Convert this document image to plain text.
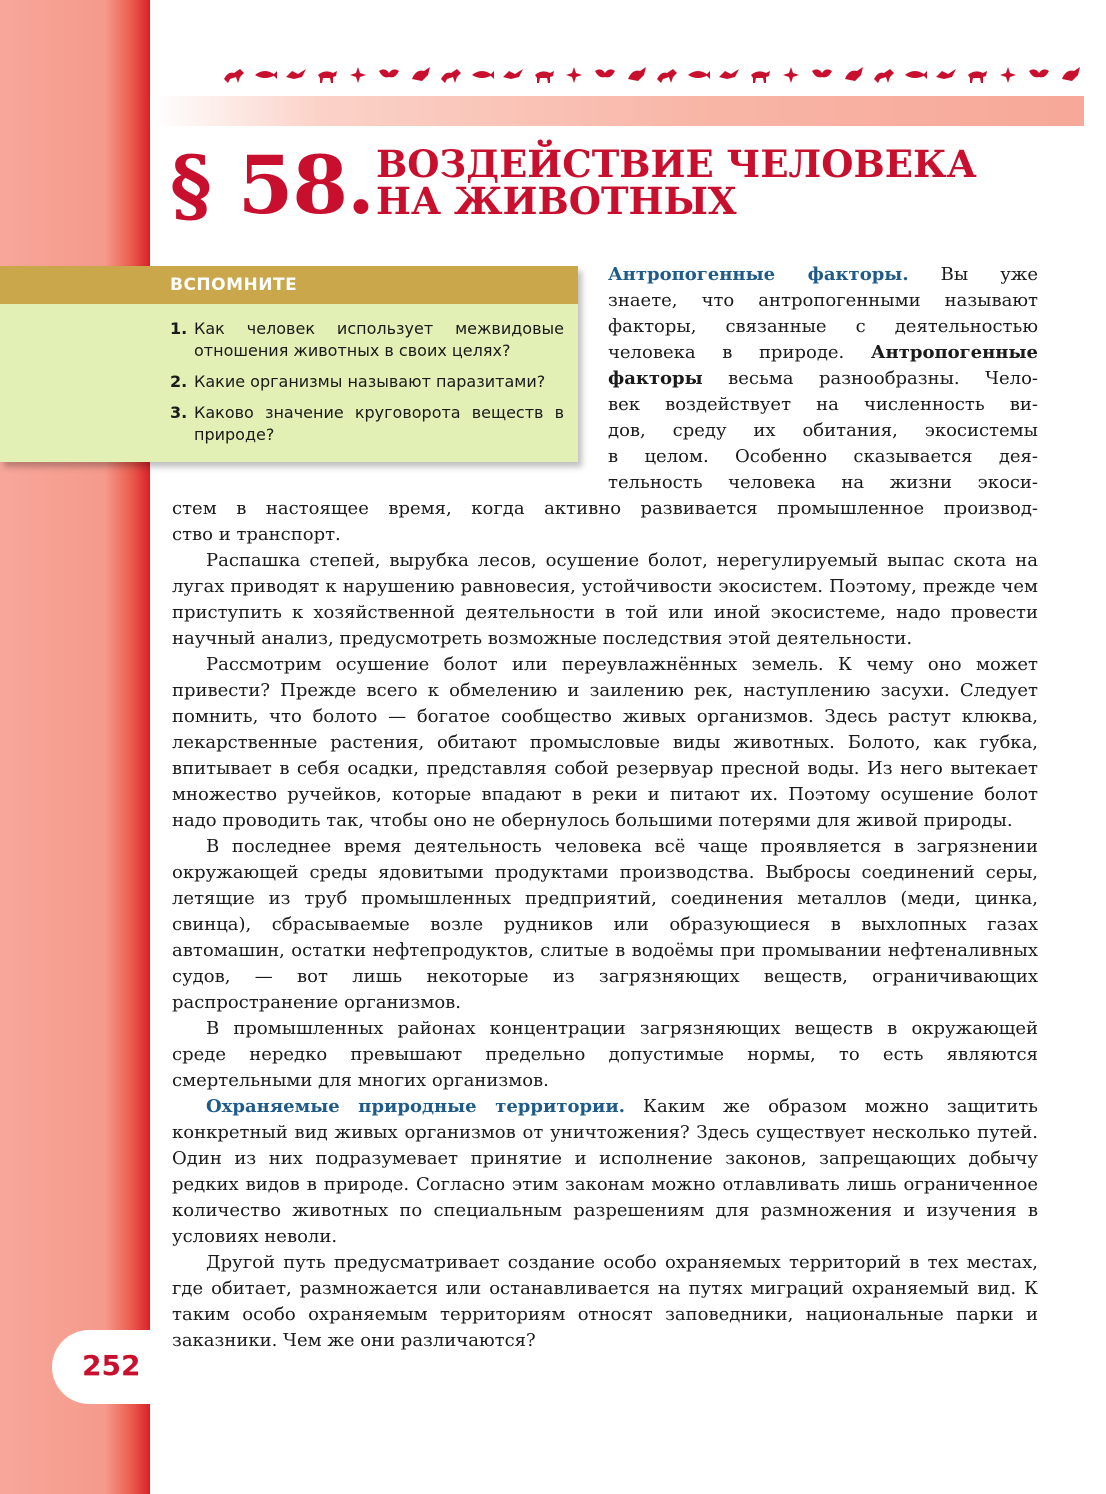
§ 58. ВОЗДЕЙСТВИЕ ЧЕЛОВЕКА
НА ЖИВОТНЫХ
ВСПОМНИТЕ
1. Как человек использует межвидовые отношения животных в своих целях?
2. Какие организмы называют паразитами?
3. Каково значение круговорота веществ в природе?
Антропогенные факторы. Вы уже
знаете, что антропогенными называют
факторы, связанные с деятельностью
человека в природе. Антропогенные
факторы весьма разнообразны. Чело-
век воздействует на численность ви-
дов, среду их обитания, экосистемы
в целом. Особенно сказывается дея-
тельность человека на жизни экоси-
стем в настоящее время, когда активно развивается промышленное производ-
ство и транспорт.

Распашка степей, вырубка лесов, осушение болот, нерегулируемый выпас скота на лугах приводят к нарушению равновесия, устойчивости экосистем. Поэтому, прежде чем приступить к хозяйственной деятельности в той или иной экосистеме, надо провести научный анализ, предусмотреть возможные последствия этой деятельности.

Рассмотрим осушение болот или переувлажнённых земель. К чему оно может привести? Прежде всего к обмелению и заилению рек, наступлению засухи. Следует помнить, что болото — богатое сообщество живых организмов. Здесь растут клюква, лекарственные растения, обитают промысловые виды животных. Болото, как губка, впитывает в себя осадки, представляя собой резервуар пресной воды. Из него вытекает множество ручейков, которые впадают в реки и питают их. Поэтому осушение болот надо проводить так, чтобы оно не обернулось большими потерями для живой природы.

В последнее время деятельность человека всё чаще проявляется в загрязнении окружающей среды ядовитыми продуктами производства. Выбросы соединений серы, летящие из труб промышленных предприятий, соединения металлов (меди, цинка, свинца), сбрасываемые возле рудников или образующиеся в выхлопных газах автомашин, остатки нефтепродуктов, слитые в водоёмы при промывании нефтеналивных судов, — вот лишь некоторые из загрязняющих веществ, ограничивающих распространение организмов.

В промышленных районах концентрации загрязняющих веществ в окружающей среде нередко превышают предельно допустимые нормы, то есть являются смертельными для многих организмов.

Охраняемые природные территории. Каким же образом можно защитить конкретный вид живых организмов от уничтожения? Здесь существует несколько путей. Один из них подразумевает принятие и исполнение законов, запрещающих добычу редких видов в природе. Согласно этим законам можно отлавливать лишь ограниченное количество животных по специальным разрешениям для размножения и изучения в условиях неволи.

Другой путь предусматривает создание особо охраняемых территорий в тех местах, где обитает, размножается или останавливается на путях миграций охраняемый вид. К таким особо охраняемым территориям относят заповедники, национальные парки и заказники. Чем же они различаются?

252
